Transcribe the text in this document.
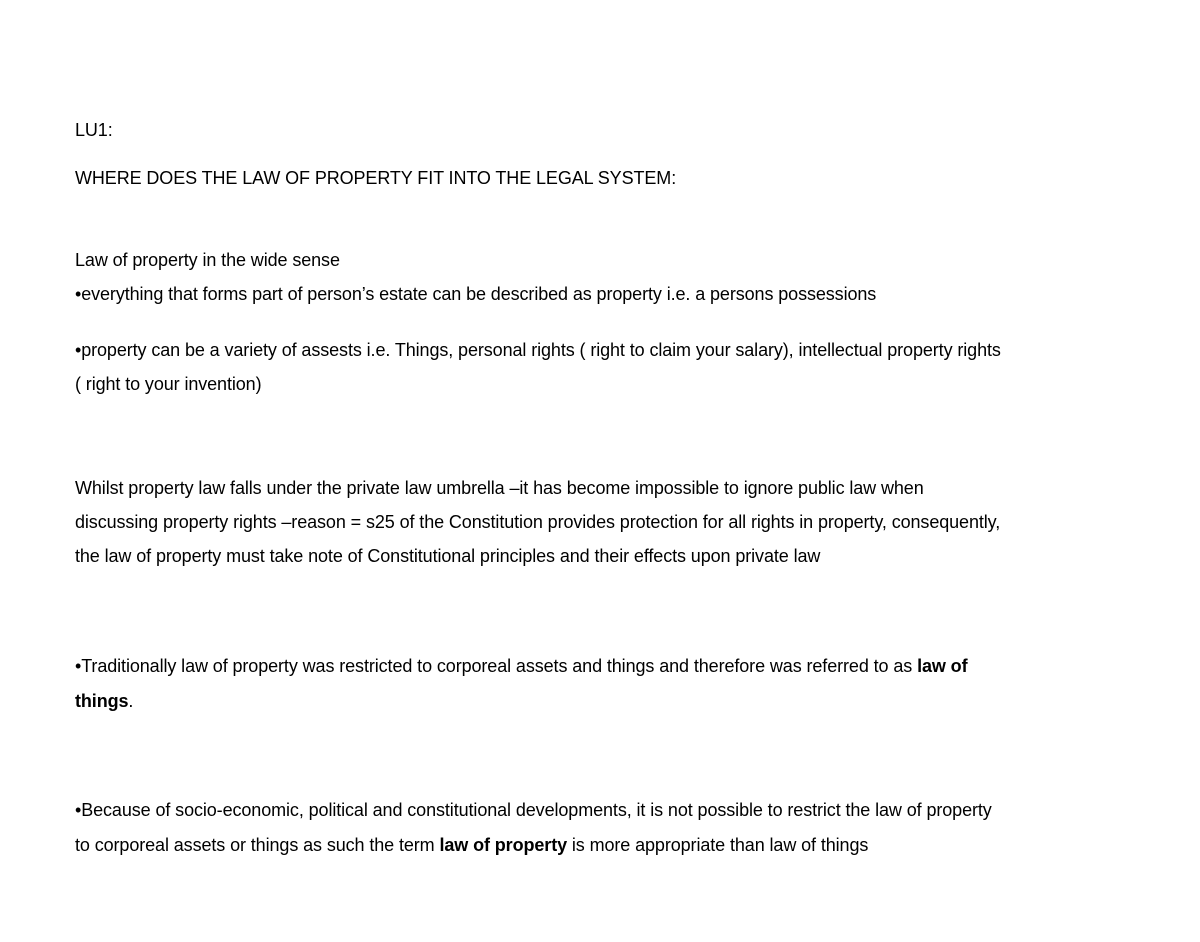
LU1:

WHERE DOES THE LAW OF PROPERTY FIT INTO THE LEGAL SYSTEM:

Law of property in the wide sense

•everything that forms part of person’s estate can be described as property i.e. a persons possessions

•property can be a variety of assests i.e. Things, personal rights ( right to claim your salary), intellectual property rights

( right to your invention)

Whilst property law falls under the private law umbrella –it has become impossible to ignore public law when

discussing property rights –reason = s25 of the Constitution provides protection for all rights in property, consequently,

the law of property must take note of Constitutional principles and their effects upon private law

•Traditionally law of property was restricted to corporeal assets and things and therefore was referred to as law of

things.

•Because of socio-economic, political and constitutional developments, it is not possible to restrict the law of property

to corporeal assets or things as such the term law of property is more appropriate than law of things
